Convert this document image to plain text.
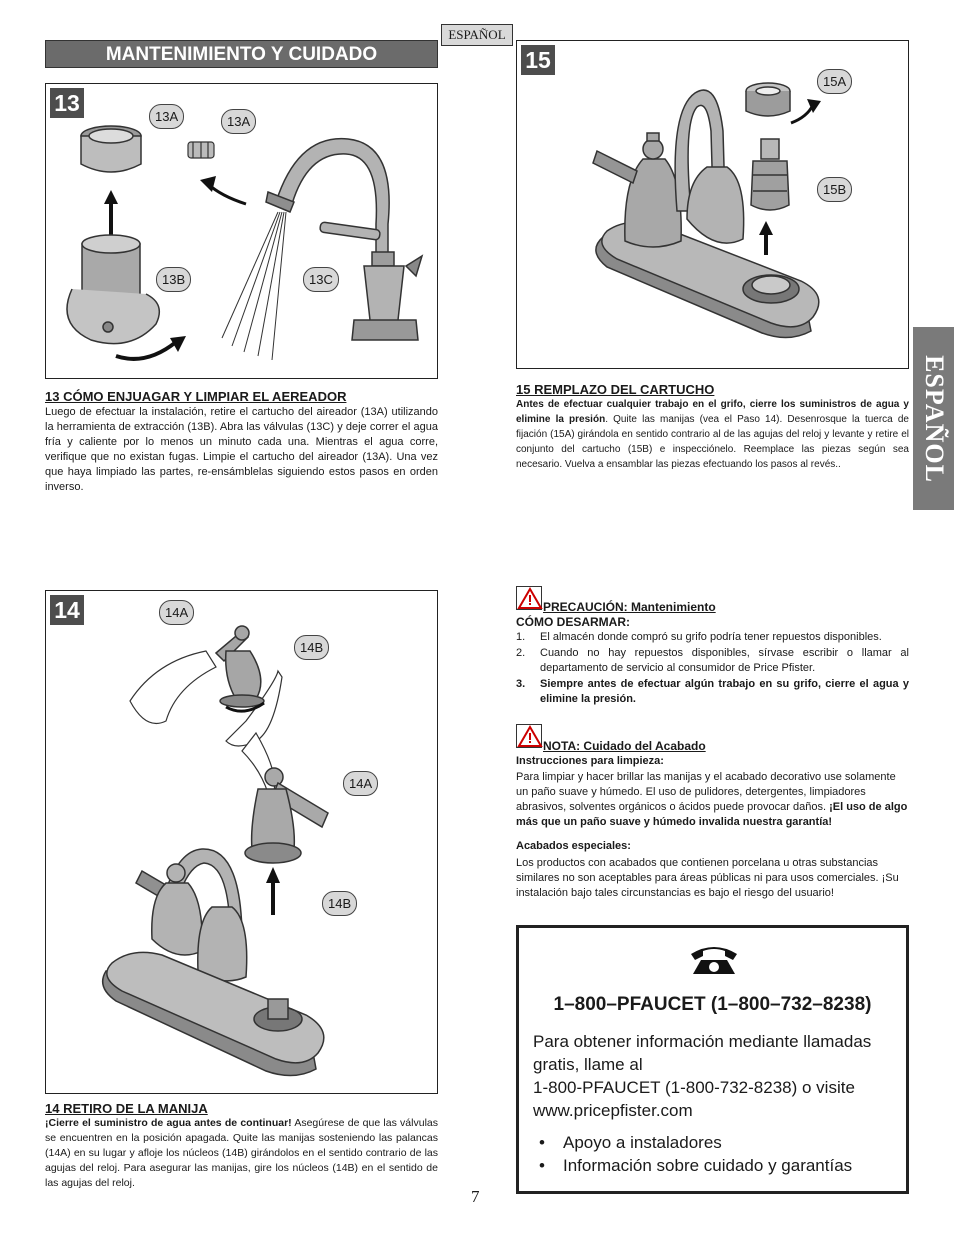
ESPAÑOL
MANTENIMIENTO Y CUIDADO
ESPAÑOL
13
13A	13A
13B	13C
13 CÓMO ENJUAGAR Y LIMPIAR EL AEREADOR
Luego de efectuar la instalación, retire el cartucho del aireador (13A) utilizando la herramienta de extracción (13B). Abra las válvulas (13C) y deje correr el agua fría y caliente por lo menos un minuto cada una. Mientras el agua corre, verifique que no existan fugas. Limpie el cartucho del aireador (13A). Una vez que haya limpiado las partes, re-ensámblelas siguiendo estos pasos en orden inverso.
15
15A
15B
15 REMPLAZO DEL CARTUCHO
Antes de efectuar cualquier trabajo en el grifo, cierre los suministros de agua y elimine la presión. Quite las manijas (vea el Paso 14). Desenrosque la tuerca de fijación (15A) girándola en sentido contrario al de las agujas del reloj y levante y retire el conjunto del cartucho (15B) e inspecciónelo. Reemplace las piezas según sea necesario. Vuelva a ensamblar las piezas efectuando los pasos al revés..
14	14A
14B
14A
14B
14 RETIRO DE LA MANIJA
¡Cierre el suministro de agua antes de continuar! Asegúrese de que las válvulas se encuentren en la posición apagada. Quite las manijas sosteniendo las palancas (14A) en su lugar y afloje los núcleos (14B) girándolos en el sentido contrario de las agujas del reloj. Para asegurar las manijas, gire los núcleos (14B) en el sentido de las agujas del reloj.
PRECAUCIÓN: Mantenimiento
CÓMO DESARMAR:
1.	El almacén donde compró su grifo podría tener repuestos disponibles.
2.	Cuando no hay repuestos disponibles, sírvase escribir o llamar al departamento de servicio al consumidor de Price Pfister.
3.	Siempre antes de efectuar algún trabajo en su grifo, cierre el agua y elimine la presión.
NOTA: Cuidado del Acabado
Instrucciones para limpieza:
Para limpiar y hacer brillar las manijas y el acabado decorativo use solamente un paño suave y húmedo. El uso de pulidores, detergentes, limpiadores abrasivos, solventes orgánicos o ácidos puede provocar daños. ¡El uso de algo más que un paño suave y húmedo invalida nuestra garantía!
Acabados especiales:
Los productos con acabados que contienen porcelana u otras substancias similares no son aceptables para áreas públicas ni para usos comerciales. ¡Su instalación bajo tales circunstancias es bajo el riesgo del usuario!
1–800–PFAUCET (1–800–732–8238)
Para obtener información mediante llamadas gratis, llame al
1-800-PFAUCET (1-800-732-8238) o visite www.pricepfister.com
• Apoyo a instaladores
• Información sobre cuidado y garantías
7
